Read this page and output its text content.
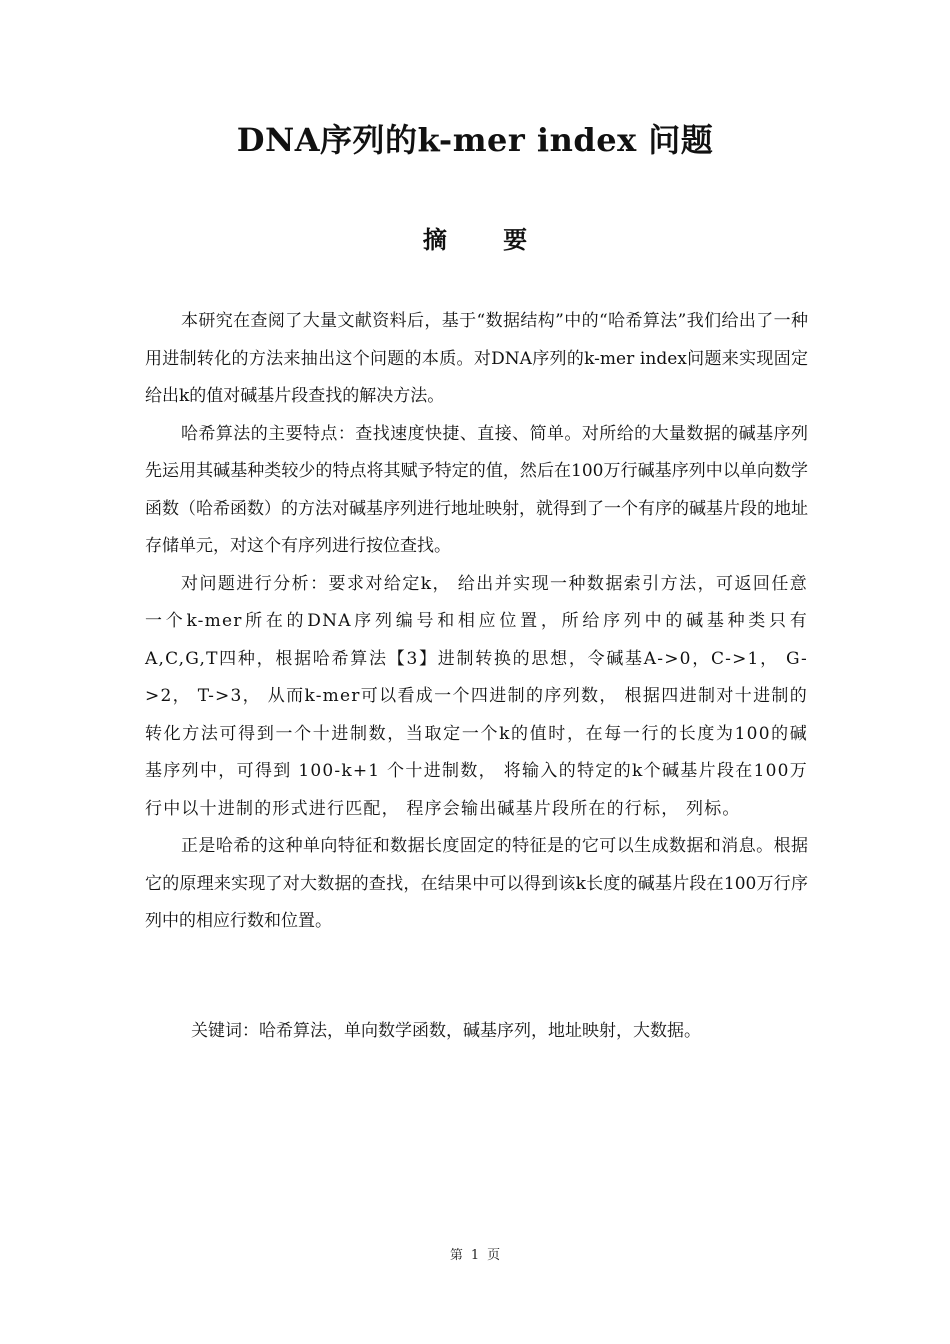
DNA序列的k-mer index 问题
摘 要

本研究在查阅了大量文献资料后，基于“数据结构”中的“哈希算法”我们给出了一种用进制转化的方法来抽出这个问题的本质。对DNA序列的k-mer index问题来实现固定给出k的值对碱基片段查找的解决方法。

哈希算法的主要特点：查找速度快捷、直接、简单。对所给的大量数据的碱基序列先运用其碱基种类较少的特点将其赋予特定的值，然后在100万行碱基序列中以单向数学函数（哈希函数）的方法对碱基序列进行地址映射，就得到了一个有序的碱基片段的地址存储单元，对这个有序列进行按位查找。

对问题进行分析：要求对给定k， 给出并实现一种数据索引方法，可返回任意一个k-mer所在的DNA序列编号和相应位置，所给序列中的碱基种类只有A,C,G,T四种，根据哈希算法【3】进制转换的思想，令碱基A->0，C->1， G->2， T->3， 从而k-mer可以看成一个四进制的序列数， 根据四进制对十进制的转化方法可得到一个十进制数，当取定一个k的值时，在每一行的长度为100的碱基序列中，可得到 100-k+1 个十进制数， 将输入的特定的k个碱基片段在100万行中以十进制的形式进行匹配， 程序会输出碱基片段所在的行标， 列标。

正是哈希的这种单向特征和数据长度固定的特征是的它可以生成数据和消息。根据它的原理来实现了对大数据的查找，在结果中可以得到该k长度的碱基片段在100万行序列中的相应行数和位置。

关键词：哈希算法，单向数学函数，碱基序列，地址映射，大数据。
第 1 页
